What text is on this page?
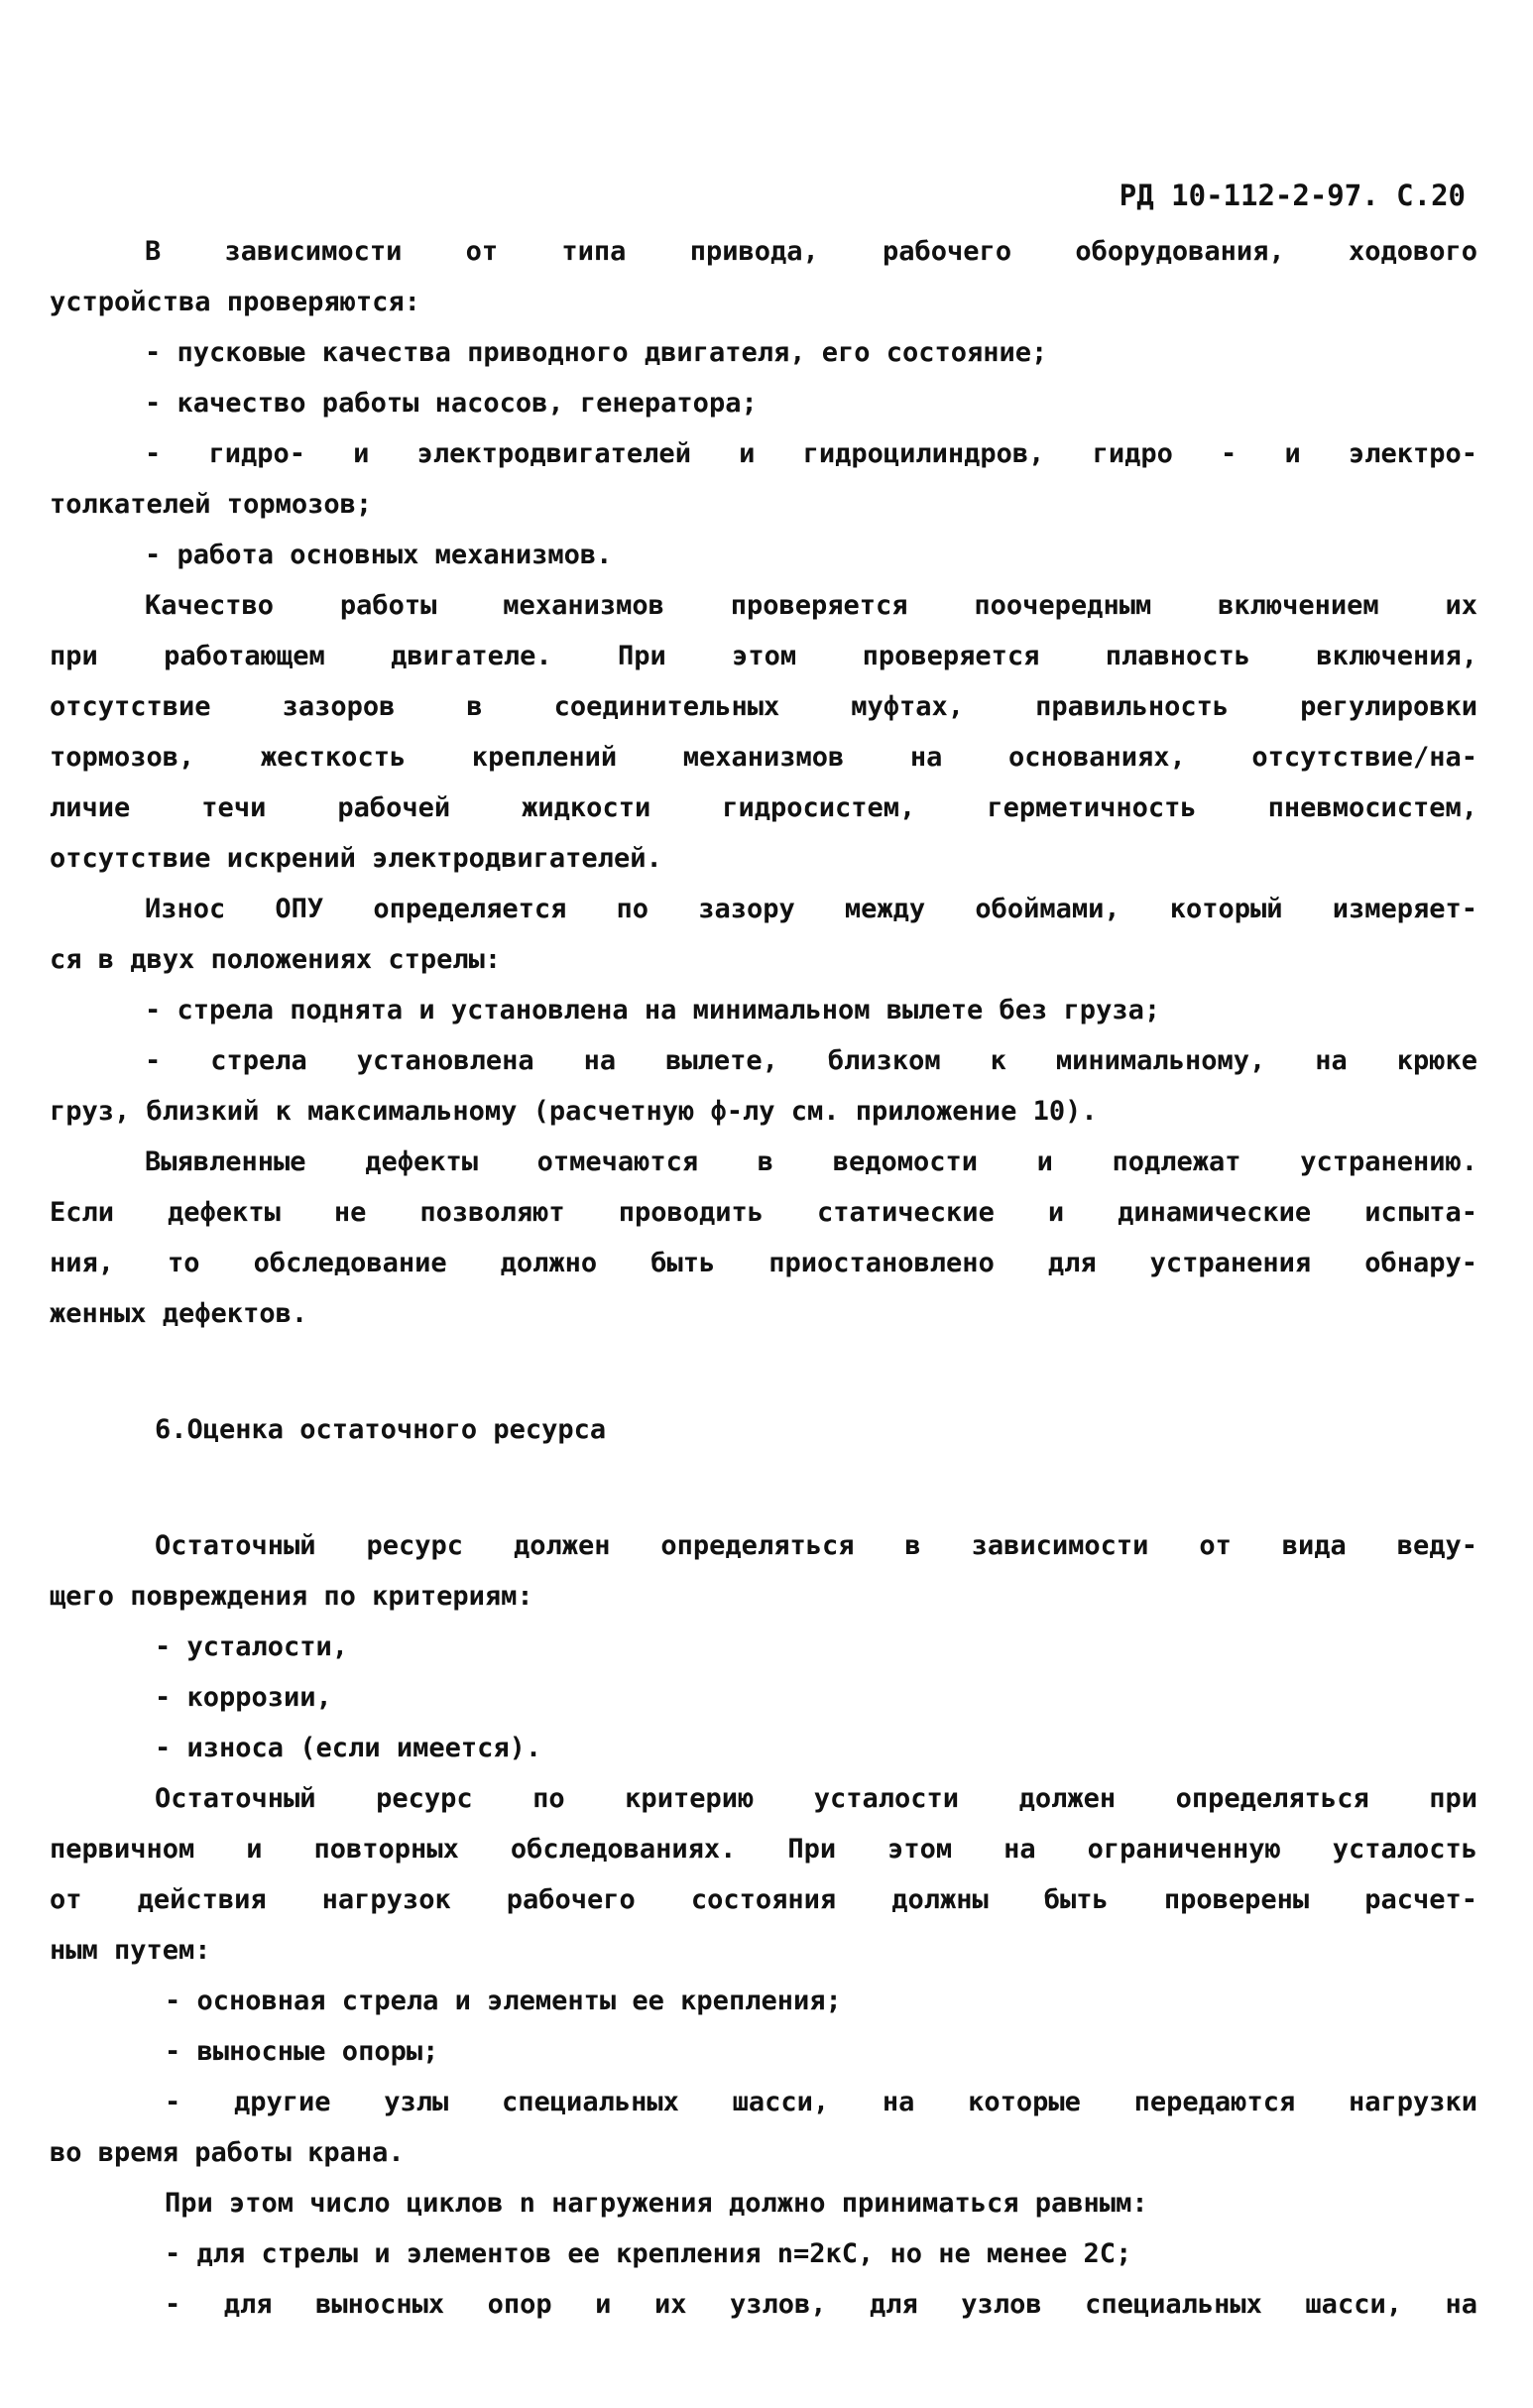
РД 10-112-2-97. С.20

В зависимости от типа привода, рабочего оборудования, ходового

устройства проверяются:

- пусковые качества приводного двигателя, его состояние;

- качество работы насосов, генератора;

- гидро- и электродвигателей и гидроцилиндров, гидро - и электро-

толкателей тормозов;

- работа основных механизмов.

Качество работы механизмов проверяется поочередным включением их

при работающем двигателе. При этом проверяется плавность включения,

отсутствие зазоров в соединительных муфтах, правильность регулировки

тормозов, жесткость креплений механизмов на основаниях, отсутствие/на-

личие течи рабочей жидкости гидросистем, герметичность пневмосистем,

отсутствие искрений электродвигателей.

Износ ОПУ определяется по зазору между обоймами, который измеряет-

ся в двух положениях стрелы:

- стрела поднята и установлена на минимальном вылете без груза;

- стрела установлена на вылете, близком к минимальному, на крюке

груз, близкий к максимальному (расчетную ф-лу см. приложение 10).

Выявленные дефекты отмечаются в ведомости и подлежат устранению.

Если дефекты не позволяют проводить статические и динамические испыта-

ния, то обследование должно быть приостановлено для устранения обнару-

женных дефектов.

6.Оценка остаточного ресурса

Остаточный ресурс должен определяться в зависимости от вида веду-

щего повреждения по критериям:

- усталости,

- коррозии,

- износа (если имеется).

Остаточный ресурс по критерию усталости должен определяться при

первичном и повторных обследованиях. При этом на ограниченную усталость

от действия нагрузок рабочего состояния должны быть проверены расчет-

ным путем:

- основная стрела и элементы ее крепления;

- выносные опоры;

- другие узлы специальных шасси, на которые передаются нагрузки

во время работы крана.

При этом число циклов n нагружения должно приниматься равным:

- для стрелы и элементов ее крепления n=2кС, но не менее 2С;

- для выносных опор и их узлов, для узлов специальных шасси, на
